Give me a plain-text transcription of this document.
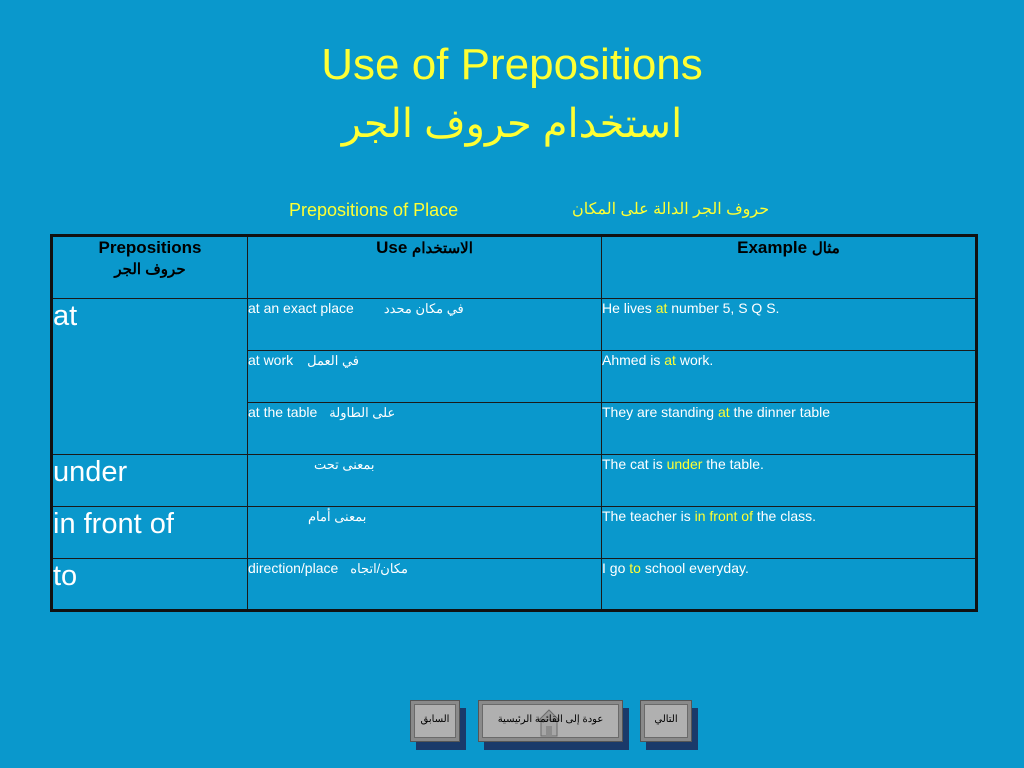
Use of Prepositions
استخدام حروف الجر
Prepositions of Place	حروف الجر الدالة على المكان
Prepositions
حروف الجر	Use الاستخدام	Example مثال
at	at an exact place في مكان محدد	He lives at number 5, S Q S.
	at work في العمل	Ahmed is at work.
	at the table على الطاولة	They are standing at the dinner table
under	بمعنى تحت	The cat is under the table.
in front of	بمعنى أمام	The teacher is in front of the class.
to	direction/place مكان/اتجاه	I go to school everyday.
السابق	عودة إلى القائمة الرئيسية	التالي
